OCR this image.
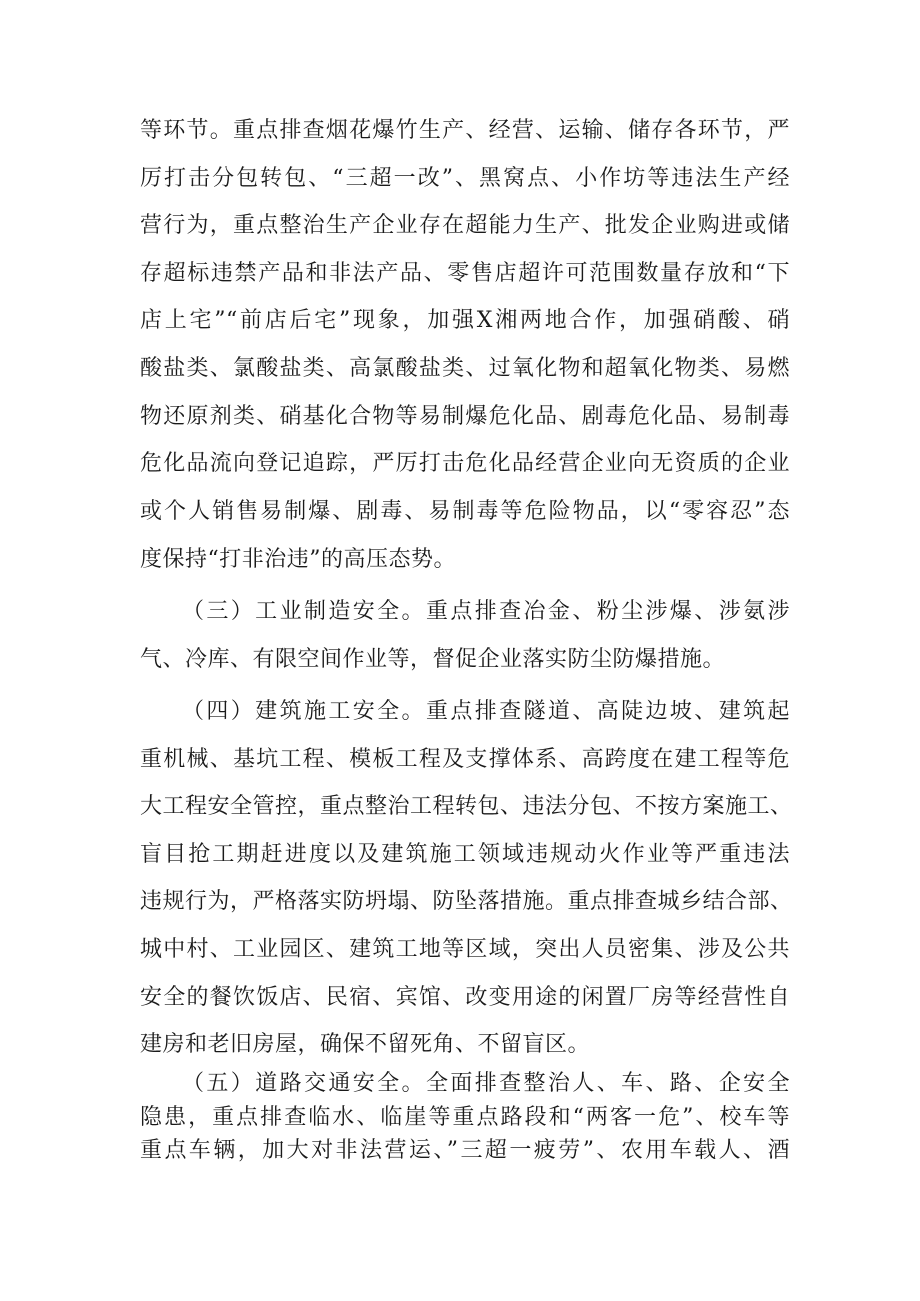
等环节。重点排查烟花爆竹生产、经营、运输、储存各环节，严
厉打击分包转包、“三超一改”、黑窝点、小作坊等违法生产经
营行为，重点整治生产企业存在超能力生产、批发企业购进或储
存超标违禁产品和非法产品、零售店超许可范围数量存放和“下
店上宅”“前店后宅”现象，加强X湘两地合作，加强硝酸、硝
酸盐类、氯酸盐类、高氯酸盐类、过氧化物和超氧化物类、易燃
物还原剂类、硝基化合物等易制爆危化品、剧毒危化品、易制毒
危化品流向登记追踪，严厉打击危化品经营企业向无资质的企业
或个人销售易制爆、剧毒、易制毒等危险物品，以“零容忍”态
度保持“打非治违”的高压态势。
（三）工业制造安全。重点排查冶金、粉尘涉爆、涉氨涉
气、冷库、有限空间作业等，督促企业落实防尘防爆措施。
（四）建筑施工安全。重点排查隧道、高陡边坡、建筑起
重机械、基坑工程、模板工程及支撑体系、高跨度在建工程等危
大工程安全管控，重点整治工程转包、违法分包、不按方案施工、
盲目抢工期赶进度以及建筑施工领域违规动火作业等严重违法
违规行为，严格落实防坍塌、防坠落措施。重点排查城乡结合部、
城中村、工业园区、建筑工地等区域，突出人员密集、涉及公共
安全的餐饮饭店、民宿、宾馆、改变用途的闲置厂房等经营性自
建房和老旧房屋，确保不留死角、不留盲区。
（五）道路交通安全。全面排查整治人、车、路、企安全
隐患，重点排查临水、临崖等重点路段和“两客一危”、校车等
重点车辆，加大对非法营运、”三超一疲劳”、农用车载人、酒
